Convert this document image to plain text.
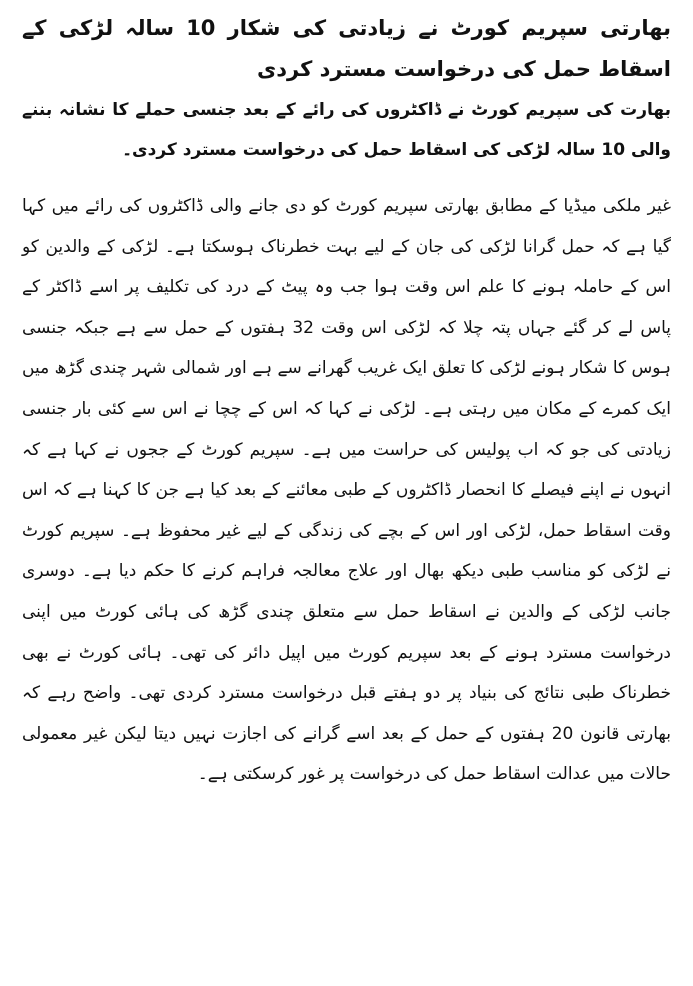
بھارتی سپریم کورٹ نے زیادتی کی شکار 10 سالہ لڑکی کے اسقاط حمل کی درخواست مسترد کردی

بھارت کی سپریم کورٹ نے ڈاکٹروں کی رائے کے بعد جنسی حملے کا نشانہ بننے والی 10 سالہ لڑکی کی اسقاط حمل کی درخواست مسترد کردی۔

غیر ملکی میڈیا کے مطابق بھارتی سپریم کورٹ کو دی جانے والی ڈاکٹروں کی رائے میں کہا گیا ہے کہ حمل گرانا لڑکی کی جان کے لیے بہت خطرناک ہوسکتا ہے۔ لڑکی کے والدین کو اس کے حاملہ ہونے کا علم اس وقت ہوا جب وہ پیٹ کے درد کی تکلیف پر اسے ڈاکٹر کے پاس لے کر گئے جہاں پتہ چلا کہ لڑکی اس وقت 32 ہفتوں کے حمل سے ہے جبکہ جنسی ہوس کا شکار ہونے لڑکی کا تعلق ایک غریب گھرانے سے ہے اور شمالی شہر چندی گڑھ میں ایک کمرے کے مکان میں رہتی ہے۔ لڑکی نے کہا کہ اس کے چچا نے اس سے کئی بار جنسی زیادتی کی جو کہ اب پولیس کی حراست میں ہے۔ سپریم کورٹ کے ججوں نے کہا ہے کہ انہوں نے اپنے فیصلے کا انحصار ڈاکٹروں کے طبی معائنے کے بعد کیا ہے جن کا کہنا ہے کہ اس وقت اسقاط حمل، لڑکی اور اس کے بچے کی زندگی کے لیے غیر محفوظ ہے۔ سپریم کورٹ نے لڑکی کو مناسب طبی دیکھ بھال اور علاج معالجہ فراہم کرنے کا حکم دیا ہے۔ دوسری جانب لڑکی کے والدین نے اسقاط حمل سے متعلق چندی گڑھ کی ہائی کورٹ میں اپنی درخواست مسترد ہونے کے بعد سپریم کورٹ میں اپیل دائر کی تھی۔ ہائی کورٹ نے بھی خطرناک طبی نتائج کی بنیاد پر دو ہفتے قبل درخواست مسترد کردی تھی۔ واضح رہے کہ بھارتی قانون 20 ہفتوں کے حمل کے بعد اسے گرانے کی اجازت نہیں دیتا لیکن غیر معمولی حالات میں عدالت اسقاط حمل کی درخواست پر غور کرسکتی ہے۔
